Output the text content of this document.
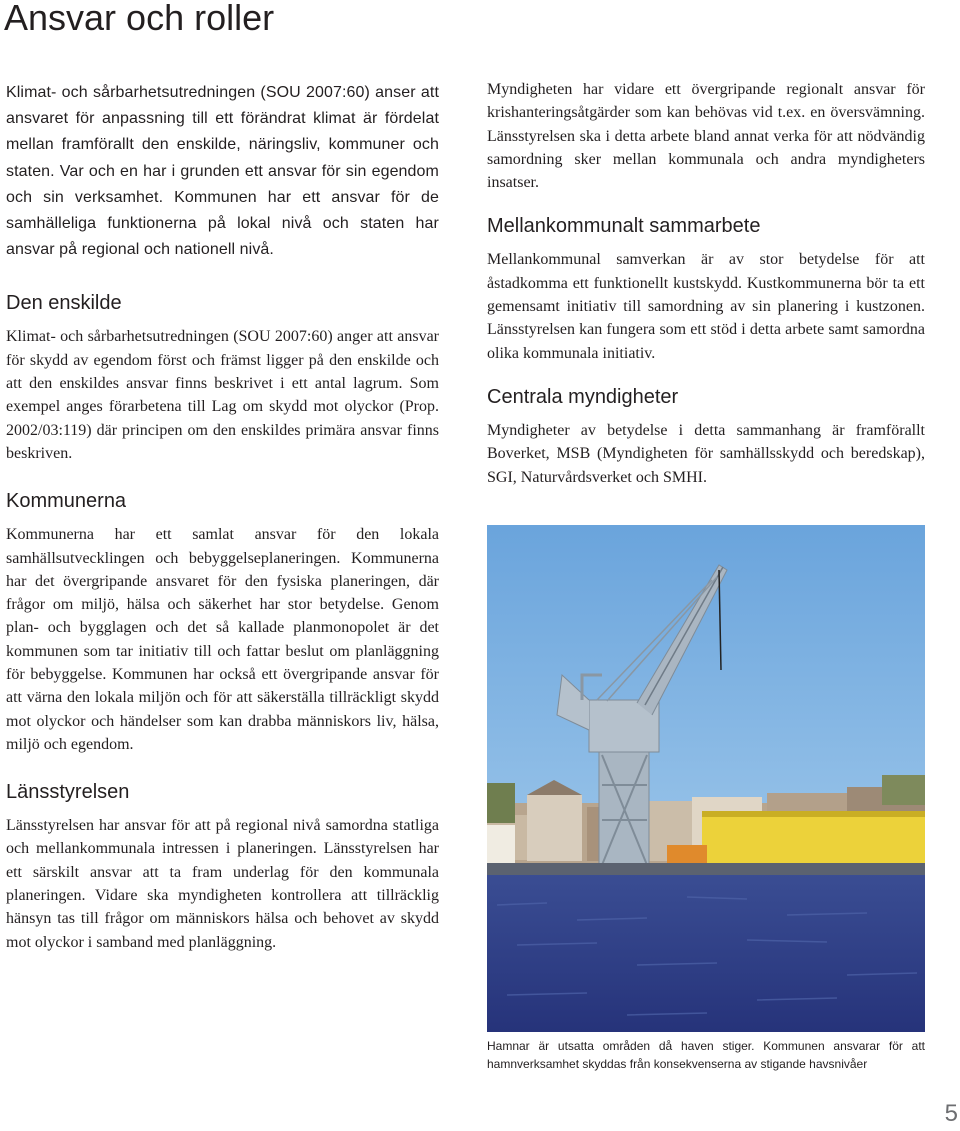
Ansvar och roller

Klimat- och sårbarhetsutredningen (SOU 2007:60) anser att ansvaret för anpassning till ett förändrat klimat är fördelat mellan framförallt den enskilde, näringsliv, kommuner och staten. Var och en har i grunden ett ansvar för sin egendom och sin verksamhet. Kommunen har ett ansvar för de samhälleliga funktionerna på lokal nivå och staten har ansvar på regional och nationell nivå.

Den enskilde

Klimat- och sårbarhetsutredningen (SOU 2007:60) anger att ansvar för skydd av egendom först och främst ligger på den enskilde och att den enskildes ansvar finns beskrivet i ett antal lagrum. Som exempel anges förarbetena till Lag om skydd mot olyckor (Prop. 2002/03:119) där principen om den enskildes primära ansvar finns beskriven.

Kommunerna

Kommunerna har ett samlat ansvar för den lokala samhällsutvecklingen och bebyggelseplaneringen. Kommunerna har det övergripande ansvaret för den fysiska planeringen, där frågor om miljö, hälsa och säkerhet har stor betydelse. Genom plan- och bygglagen och det så kallade planmonopolet är det kommunen som tar initiativ till och fattar beslut om planläggning för bebyggelse. Kommunen har också ett övergripande ansvar för att värna den lokala miljön och för att säkerställa tillräckligt skydd mot olyckor och händelser som kan drabba människors liv, hälsa, miljö och egendom.

Länsstyrelsen

Länsstyrelsen har ansvar för att på regional nivå samordna statliga och mellankommunala intressen i planeringen. Länsstyrelsen har ett särskilt ansvar att ta fram underlag för den kommunala planeringen. Vidare ska myndigheten kontrollera att tillräcklig hänsyn tas till frågor om människors hälsa och behovet av skydd mot olyckor i samband med planläggning.

Myndigheten har vidare ett övergripande regionalt ansvar för krishanteringsåtgärder som kan behövas vid t.ex. en översvämning. Länsstyrelsen ska i detta arbete bland annat verka för att nödvändig samordning sker mellan kommunala och andra myndigheters insatser.

Mellankommunalt sammarbete

Mellankommunal samverkan är av stor betydelse för att åstadkomma ett funktionellt kustskydd. Kustkommunerna bör ta ett gemensamt initiativ till samordning av sin planering i kustzonen. Länsstyrelsen kan fungera som ett stöd i detta arbete samt samordna olika kommunala initiativ.

Centrala myndigheter

Myndigheter av betydelse i detta sammanhang är framförallt Boverket, MSB (Myndigheten för samhällsskydd och beredskap), SGI, Naturvårdsverket och SMHI.

Hamnar är utsatta områden då haven stiger. Kommunen ansvarar för att hamnverksamhet skyddas från konsekvenserna av stigande havsnivåer

5
